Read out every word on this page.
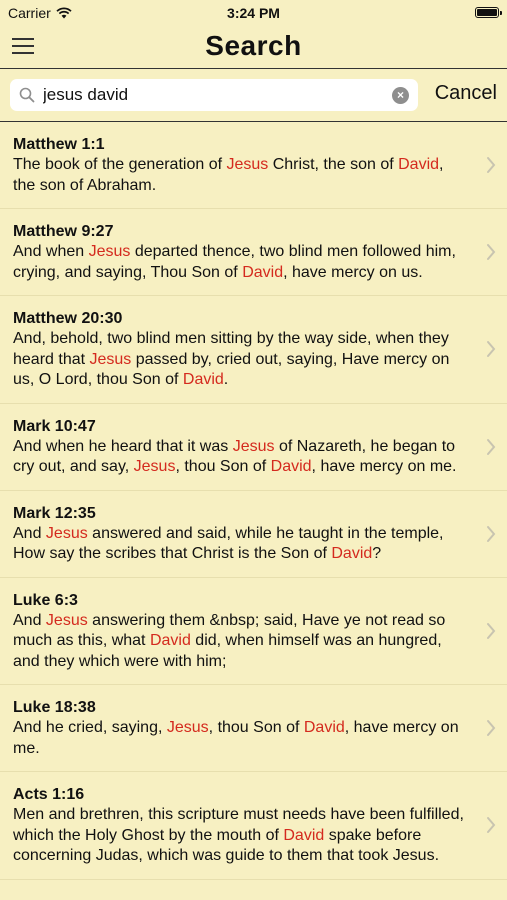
Carrier	3:24 PM
Search
jesus david
× Cancel
Matthew 1:1
The book of the generation of Jesus Christ, the son of David, the son of Abraham.
Matthew 9:27
And when Jesus departed thence, two blind men followed him, crying, and saying, Thou Son of David, have mercy on us.
Matthew 20:30
And, behold, two blind men sitting by the way side, when they heard that Jesus passed by, cried out, saying, Have mercy on us, O Lord, thou Son of David.
Mark 10:47
And when he heard that it was Jesus of Nazareth, he began to cry out, and say, Jesus, thou Son of David, have mercy on me.
Mark 12:35
And Jesus answered and said, while he taught in the temple, How say the scribes that Christ is the Son of David?
Luke 6:3
And Jesus answering them &nbsp; said, Have ye not read so much as this, what David did, when himself was an hungred, and they which were with him;
Luke 18:38
And he cried, saying, Jesus, thou Son of David, have mercy on me.
Acts 1:16
Men and brethren, this scripture must needs have been fulfilled, which the Holy Ghost by the mouth of David spake before concerning Judas, which was guide to them that took Jesus.
